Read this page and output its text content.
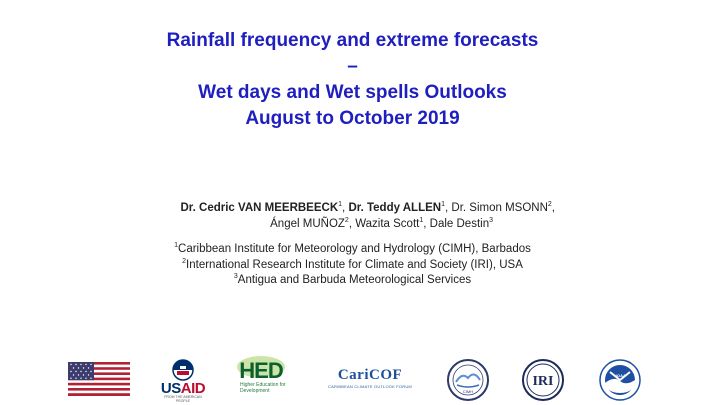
Rainfall frequency and extreme forecasts
–
Wet days and Wet spells Outlooks
August to October 2019
Dr. Cedric VAN MEERBEECK$^1$, Dr. Teddy ALLEN$^1$, Dr. Simon MSONN$^2$,
Ángel MUÑOZ$^2$, Wazita Scott$^1$, Dale Destin$^3$
$^1$Caribbean Institute for Meteorology and Hydrology (CIMH), Barbados
$^2$International Research Institute for Climate and Society (IRI), USA
$^3$Antigua and Barbuda Meteorological Services
USAID
FROM THE AMERICAN PEOPLE
HED
Higher Education for Development
CariCOF
CARIBBEAN CLIMATE OUTLOOK FORUM
CIMH
IRI	NOAA
